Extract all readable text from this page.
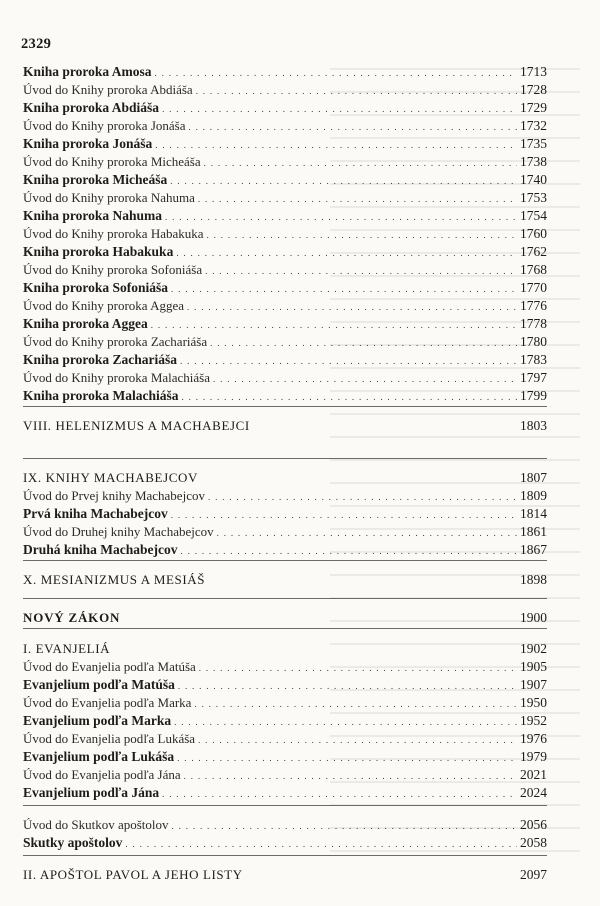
2329
Kniha proroka Amosa . . .	1713
Úvod do Knihy proroka Abdiáša . . .	1728
Kniha proroka Abdiáša . . .	1729
Úvod do Knihy proroka Jonáša . . .	1732
Kniha proroka Jonáša . . .	1735
Úvod do Knihy proroka Micheáša . . .	1738
Kniha proroka Micheáša . . .	1740
Úvod do Knihy proroka Nahuma . . .	1753
Kniha proroka Nahuma . . .	1754
Úvod do Knihy proroka Habakuka . . .	1760
Kniha proroka Habakuka . . .	1762
Úvod do Knihy proroka Sofoniáša . . .	1768
Kniha proroka Sofoniáša . . .	1770
Úvod do Knihy proroka Aggea . . .	1776
Kniha proroka Aggea . . .	1778
Úvod do Knihy proroka Zachariáša . . .	1780
Kniha proroka Zachariáša . . .	1783
Úvod do Knihy proroka Malachiáša . . .	1797
Kniha proroka Malachiáša . . .	1799
VIII. HELENIZMUS A MACHABEJCI	1803
IX. KNIHY MACHABEJCOV	1807
Úvod do Prvej knihy Machabejcov . . .	1809
Prvá kniha Machabejcov . . .	1814
Úvod do Druhej knihy Machabejcov . . .	1861
Druhá kniha Machabejcov . . .	1867
X. MESIANIZMUS A MESIÁŠ	1898
NOVÝ ZÁKON	1900
I. EVANJELIÁ	1902
Úvod do Evanjelia podľa Matúša . . .	1905
Evanjelium podľa Matúša . . .	1907
Úvod do Evanjelia podľa Marka . . .	1950
Evanjelium podľa Marka . . .	1952
Úvod do Evanjelia podľa Lukáša . . .	1976
Evanjelium podľa Lukáša . . .	1979
Úvod do Evanjelia podľa Jána . . .	2021
Evanjelium podľa Jána . . .	2024
Úvod do Skutkov apoštolov . . .	2056
Skutky apoštolov . . .	2058
II. APOŠTOL PAVOL A JEHO LISTY	2097
